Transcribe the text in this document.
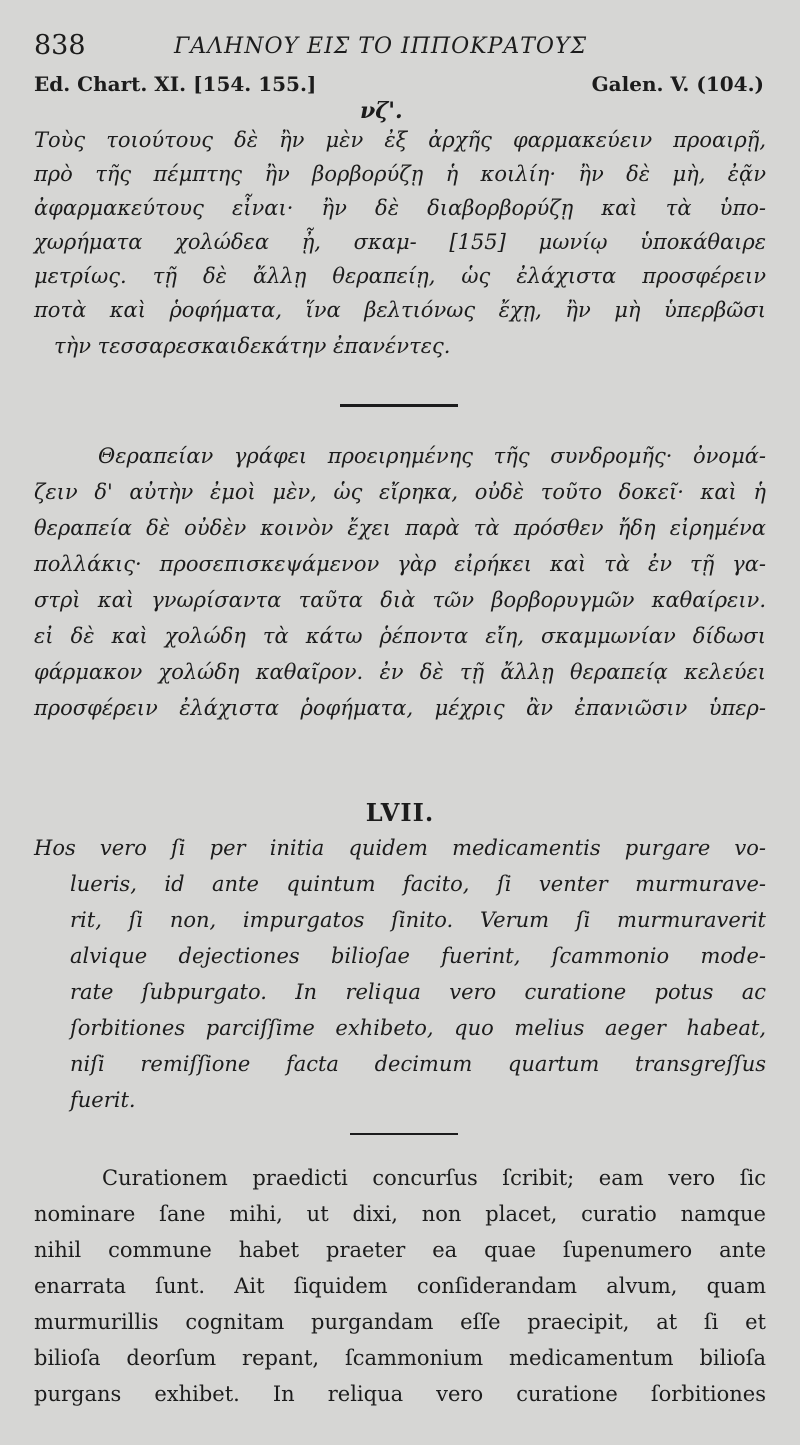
838	ΓΑΛΗΝΟΥ ΕΙΣ ΤΟ ΙΠΠΟΚΡΑΤΟΥΣ
Ed. Chart. XI. [154. 155.]	Galen. V. (104.)
νζ'.
Τοὺς τοιούτους δὲ ἢν μὲν ἐξ ἀρχῆς φαρμακεύειν προαιρῇ,
πρὸ τῆς πέμπτης ἢν βορβορύζῃ ἡ κοιλίη· ἢν δὲ μὴ, ἐᾷν
ἀφαρμακεύτους εἶναι· ἢν δὲ διαβορβορύζῃ καὶ τὰ ὑπο-
χωρήματα χολώδεα ᾖ, σκαμ- [155] μωνίῳ ὑποκάθαιρε
μετρίως. τῇ δὲ ἄλλῃ θεραπείῃ, ὡς ἐλάχιστα προσφέρειν
ποτὰ καὶ ῥοφήματα, ἵνα βελτιόνως ἔχῃ, ἢν μὴ ὑπερβῶσι
τὴν τεσσαρεσκαιδεκάτην ἐπανέντες.
Θεραπείαν γράφει προειρημένης τῆς συνδρομῆς· ὀνομά-
ζειν δ' αὐτὴν ἐμοὶ μὲν, ὡς εἴρηκα, οὐδὲ τοῦτο δοκεῖ· καὶ ἡ
θεραπεία δὲ οὐδὲν κοινὸν ἔχει παρὰ τὰ πρόσθεν ἤδη εἰρημένα
πολλάκις· προσεπισκεψάμενον γὰρ εἰρήκει καὶ τὰ ἐν τῇ γα-
στρὶ καὶ γνωρίσαντα ταῦτα διὰ τῶν βορβορυγμῶν καθαίρειν.
εἰ δὲ καὶ χολώδη τὰ κάτω ῥέποντα εἴη, σκαμμωνίαν δίδωσι
φάρμακον χολώδη καθαῖρον. ἐν δὲ τῇ ἄλλῃ θεραπείᾳ κελεύει
προσφέρειν ἐλάχιστα ῥοφήματα, μέχρις ἂν ἐπανιῶσιν ὑπερ-
LVII.
Hos vero ſi per initia quidem medicamentis purgare vo-
lueris, id ante quintum facito, ſi venter murmurave-
rit, ſi non, impurgatos ſinito. Verum ſi murmuraverit
alvique dejectiones bilioſae fuerint, ſcammonio mode-
rate ſubpurgato. In reliqua vero curatione potus ac
ſorbitiones parciſſime exhibeto, quo melius aeger habeat,
niſi remiſſione facta decimum quartum transgreſſus
fuerit.
Curationem praedicti concurſus ſcribit; eam vero ſic
nominare ſane mihi, ut dixi, non placet, curatio namque
nihil commune habet praeter ea quae ſupenumero ante
enarrata ſunt. Ait ſiquidem conſiderandam alvum, quam
murmurillis cognitam purgandam eſſe praecipit, at ſi et
bilioſa deorſum repant, ſcammonium medicamentum bilioſa
purgans exhibet. In reliqua vero curatione ſorbitiones
